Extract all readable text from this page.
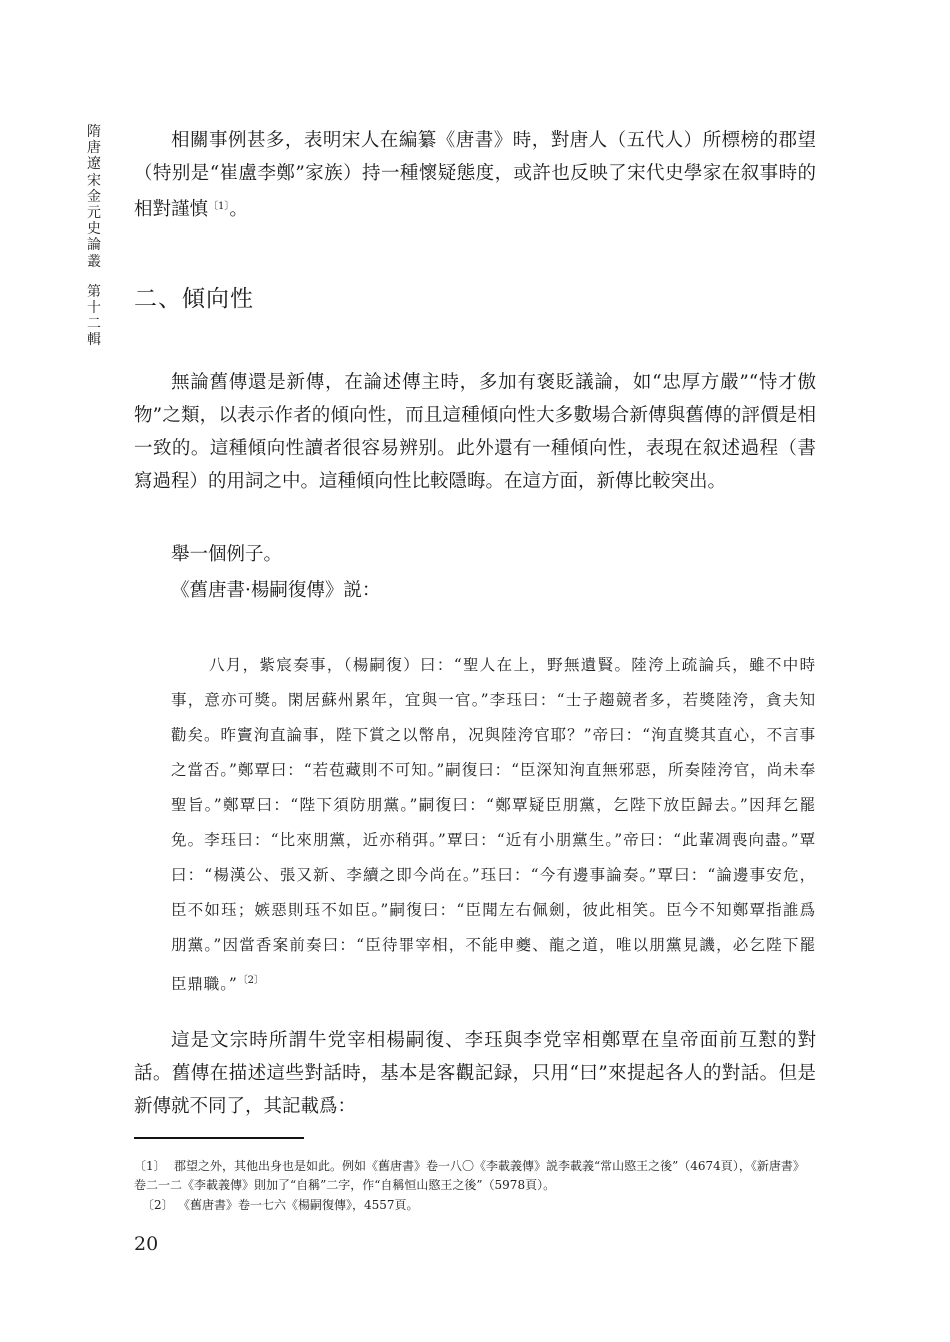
隋
唐
遼
宋
金
元
史
論
叢
第
十
二
輯

相關事例甚多，表明宋人在編纂《唐書》時，對唐人（五代人）所標榜的郡望（特别是“崔盧李鄭”家族）持一種懷疑態度，或許也反映了宋代史學家在叙事時的相對謹慎$^{〔1〕}$。

二、傾向性

無論舊傳還是新傳，在論述傳主時，多加有褒貶議論，如“忠厚方嚴”“恃才傲物”之類，以表示作者的傾向性，而且這種傾向性大多數場合新傳與舊傳的評價是相一致的。這種傾向性讀者很容易辨别。此外還有一種傾向性，表現在叙述過程（書寫過程）的用詞之中。這種傾向性比較隱晦。在這方面，新傳比較突出。

舉一個例子。

《舊唐書·楊嗣復傳》説：

八月，紫宸奏事，（楊嗣復）曰：“聖人在上，野無遺賢。陸洿上疏論兵，雖不中時事，意亦可獎。閑居蘇州累年，宜與一官。”李珏曰：“士子趨競者多，若獎陸洿，貪夫知勸矣。昨竇洵直論事，陛下賞之以幣帛，况與陸洿官耶？”帝曰：“洵直獎其直心，不言事之當否。”鄭覃曰：“若苞藏則不可知。”嗣復曰：“臣深知洵直無邪惡，所奏陸洿官，尚未奉聖旨。”鄭覃曰：“陛下須防朋黨。”嗣復曰：“鄭覃疑臣朋黨，乞陛下放臣歸去。”因拜乞罷免。李珏曰：“比來朋黨，近亦稍弭。”覃曰：“近有小朋黨生。”帝曰：“此輩凋喪向盡。”覃曰：“楊漢公、張又新、李續之即今尚在。”珏曰：“今有邊事論奏。”覃曰：“論邊事安危，臣不如珏；嫉惡則珏不如臣。”嗣復曰：“臣聞左右佩劍，彼此相笑。臣今不知鄭覃指誰爲朋黨。”因當香案前奏曰：“臣待罪宰相，不能申夔、龍之道，唯以朋黨見譏，必乞陛下罷臣鼎職。”$^{〔2〕}$

這是文宗時所謂牛党宰相楊嗣復、李珏與李党宰相鄭覃在皇帝面前互懟的對話。舊傳在描述這些對話時，基本是客觀記録，只用“曰”來提起各人的對話。但是新傳就不同了，其記載爲：

〔1〕 郡望之外，其他出身也是如此。例如《舊唐書》卷一八〇《李載義傳》説李載義“常山愍王之後”（4674頁），《新唐書》卷二一二《李載義傳》則加了“自稱”二字，作“自稱恒山愍王之後”（5978頁）。

〔2〕 《舊唐書》卷一七六《楊嗣復傳》，4557頁。

20
